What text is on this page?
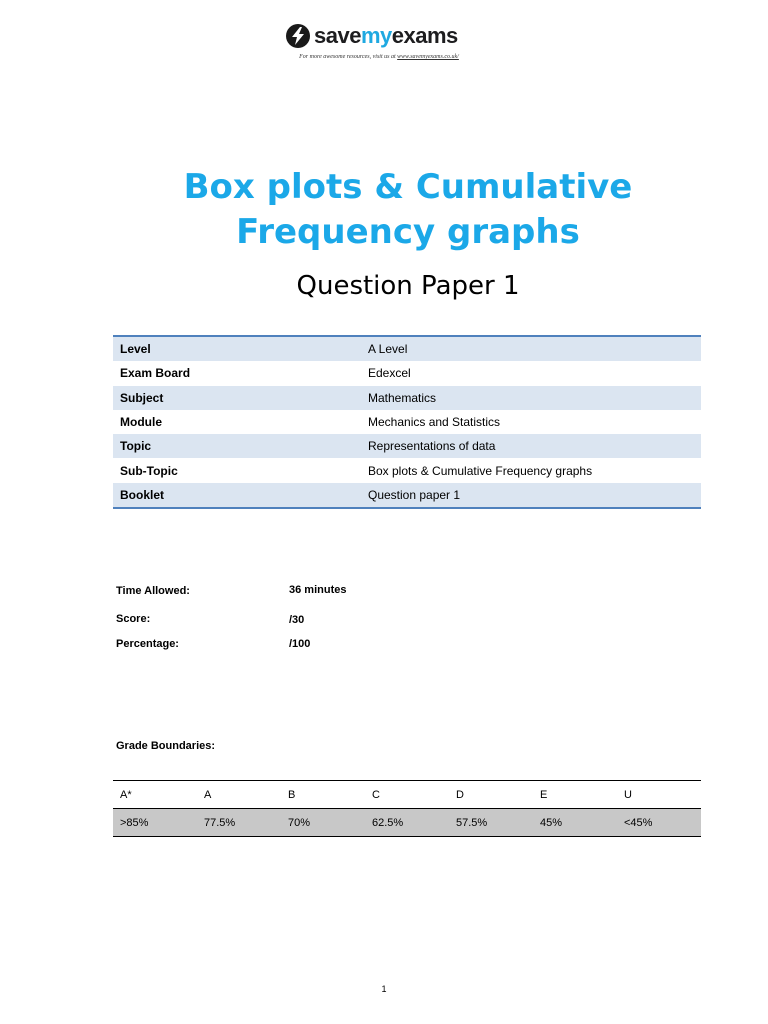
savemyexams
For more awesome resources, visit us at www.savemyexams.co.uk/
Box plots & Cumulative
Frequency graphs
Question Paper 1
Level	A Level
Exam Board	Edexcel
Subject	Mathematics
Module	Mechanics and Statistics
Topic	Representations of data
Sub-Topic	Box plots & Cumulative Frequency graphs
Booklet	Question paper 1
Time Allowed:	36 minutes
Score:	/30
Percentage:	/100
Grade Boundaries:
A*	A	B	C	D	E	U
>85%	77.5%	70%	62.5%	57.5%	45%	<45%
1
